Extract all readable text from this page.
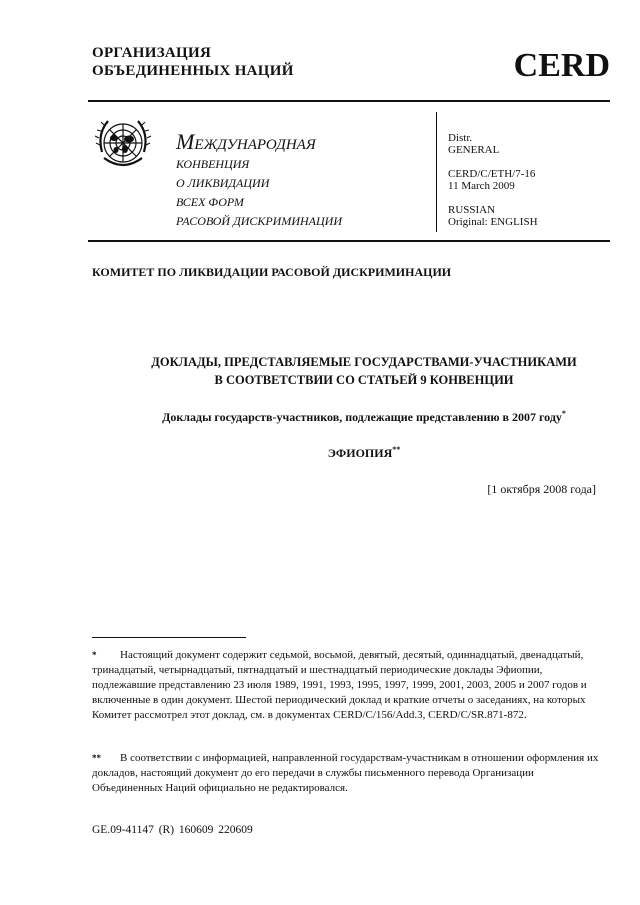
ОРГАНИЗАЦИЯ
ОБЪЕДИНЕННЫХ НАЦИЙ	CERD
МЕЖДУНАРОДНАЯ
КОНВЕНЦИЯ
О ЛИКВИДАЦИИ
ВСЕХ ФОРМ
РАСОВОЙ ДИСКРИМИНАЦИИ
Distr.
GENERAL
CERD/C/ETH/7-16
11 March 2009
RUSSIAN
Original: ENGLISH
КОМИТЕТ ПО ЛИКВИДАЦИИ РАСОВОЙ ДИСКРИМИНАЦИИ
ДОКЛАДЫ, ПРЕДСТАВЛЯЕМЫЕ ГОСУДАРСТВАМИ-УЧАСТНИКАМИ
В СООТВЕТСТВИИ СО СТАТЬЕЙ 9 КОНВЕНЦИИ
Доклады государств-участников, подлежащие представлению в 2007 году*
ЭФИОПИЯ**
[1 октября 2008 года]
* Настоящий документ содержит седьмой, восьмой, девятый, десятый, одиннадцатый, двенадцатый, тринадцатый, четырнадцатый, пятнадцатый и шестнадцатый периодические доклады Эфиопии, подлежавшие представлению 23 июля 1989, 1991, 1993, 1995, 1997, 1999, 2001, 2003, 2005 и 2007 годов и включенные в один документ. Шестой периодический доклад и краткие отчеты о заседаниях, на которых Комитет рассмотрел этот доклад, см. в документах CERD/C/156/Add.3, CERD/C/SR.871-872.
** В соответствии с информацией, направленной государствам-участникам в отношении оформления их докладов, настоящий документ до его передачи в службы письменного перевода Организации Объединенных Наций официально не редактировался.
GE.09-41147 (R) 160609 220609
